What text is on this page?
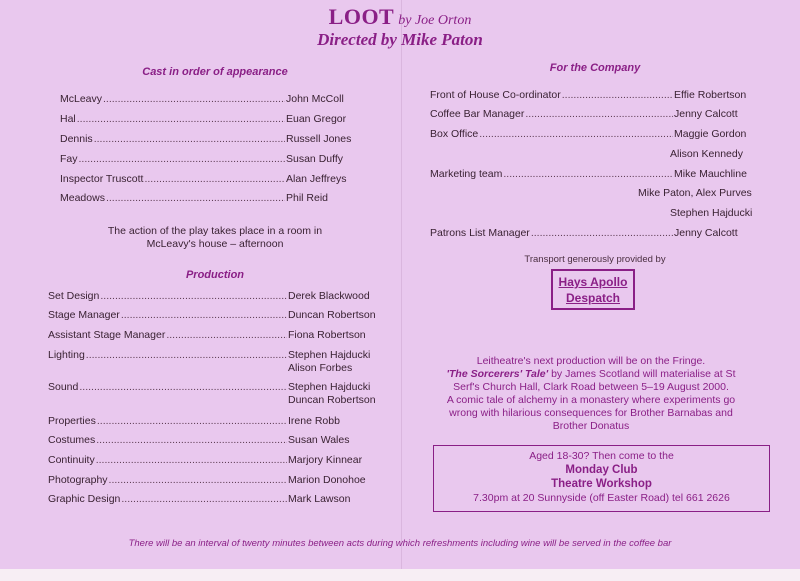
LOOT by Joe Orton
Directed by Mike Paton
Cast in order of appearance
McLeavy .....	John McColl
Hal .....	Euan Gregor
Dennis .....	Russell Jones
Fay .....	Susan Duffy
Inspector Truscott .....	Alan Jeffreys
Meadows .....	Phil Reid
The action of the play takes place in a room in
McLeavy's house – afternoon
Production
Set Design .....	Derek Blackwood
Stage Manager .....	Duncan Robertson
Assistant Stage Manager .....	Fiona Robertson
Lighting .....	Stephen Hajducki
Alison Forbes
Sound .....	Stephen Hajducki
Duncan Robertson
Properties .....	Irene Robb
Costumes .....	Susan Wales
Continuity .....	Marjory Kinnear
Photography .....	Marion Donohoe
Graphic Design .....	Mark Lawson
For the Company
Front of House Co-ordinator .....	Effie Robertson
Coffee Bar Manager .....	Jenny Calcott
Box Office .....	Maggie Gordon
Alison Kennedy
Marketing team .....	Mike Mauchline
Mike Paton, Alex Purves
Stephen Hajducki
Patrons List Manager .....	Jenny Calcott
Transport generously provided by
Hays Apollo
Despatch
Leitheatre's next production will be on the Fringe.
'The Sorcerers' Tale' by James Scotland will materialise at St
Serf's Church Hall, Clark Road between 5–19 August 2000.
A comic tale of alchemy in a monastery where experiments go
wrong with hilarious consequences for Brother Barnabas and
Brother Donatus
Aged 18-30? Then come to the
Monday Club
Theatre Workshop
7.30pm at 20 Sunnyside (off Easter Road) tel 661 2626
There will be an interval of twenty minutes between acts during which refreshments including wine will be served in the coffee bar
